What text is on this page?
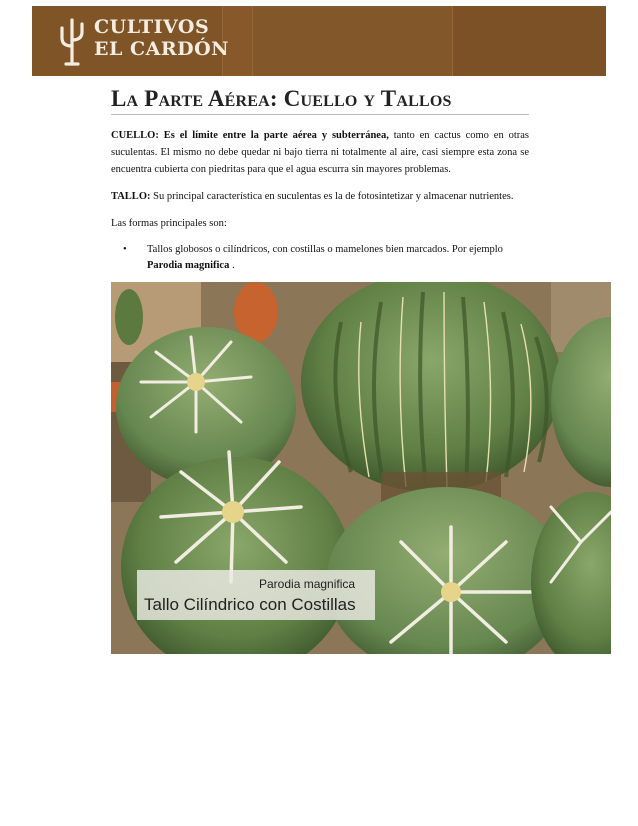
CULTIVOS
EL CARDÓN
La Parte Aérea: Cuello y Tallos

CUELLO: Es el límite entre la parte aérea y subterránea, tanto en cactus como en otras suculentas. El mismo no debe quedar ni bajo tierra ni totalmente al aire, casi siempre esta zona se encuentra cubierta con piedritas para que el agua escurra sin mayores problemas.

TALLO: Su principal característica en suculentas es la de fotosintetizar y almacenar nutrientes.

Las formas principales son:

• Tallos globosos o cilíndricos, con costillas o mamelones bien marcados. Por ejemplo Parodia magnifica .
Parodia magnifica
Tallo Cilíndrico con Costillas
